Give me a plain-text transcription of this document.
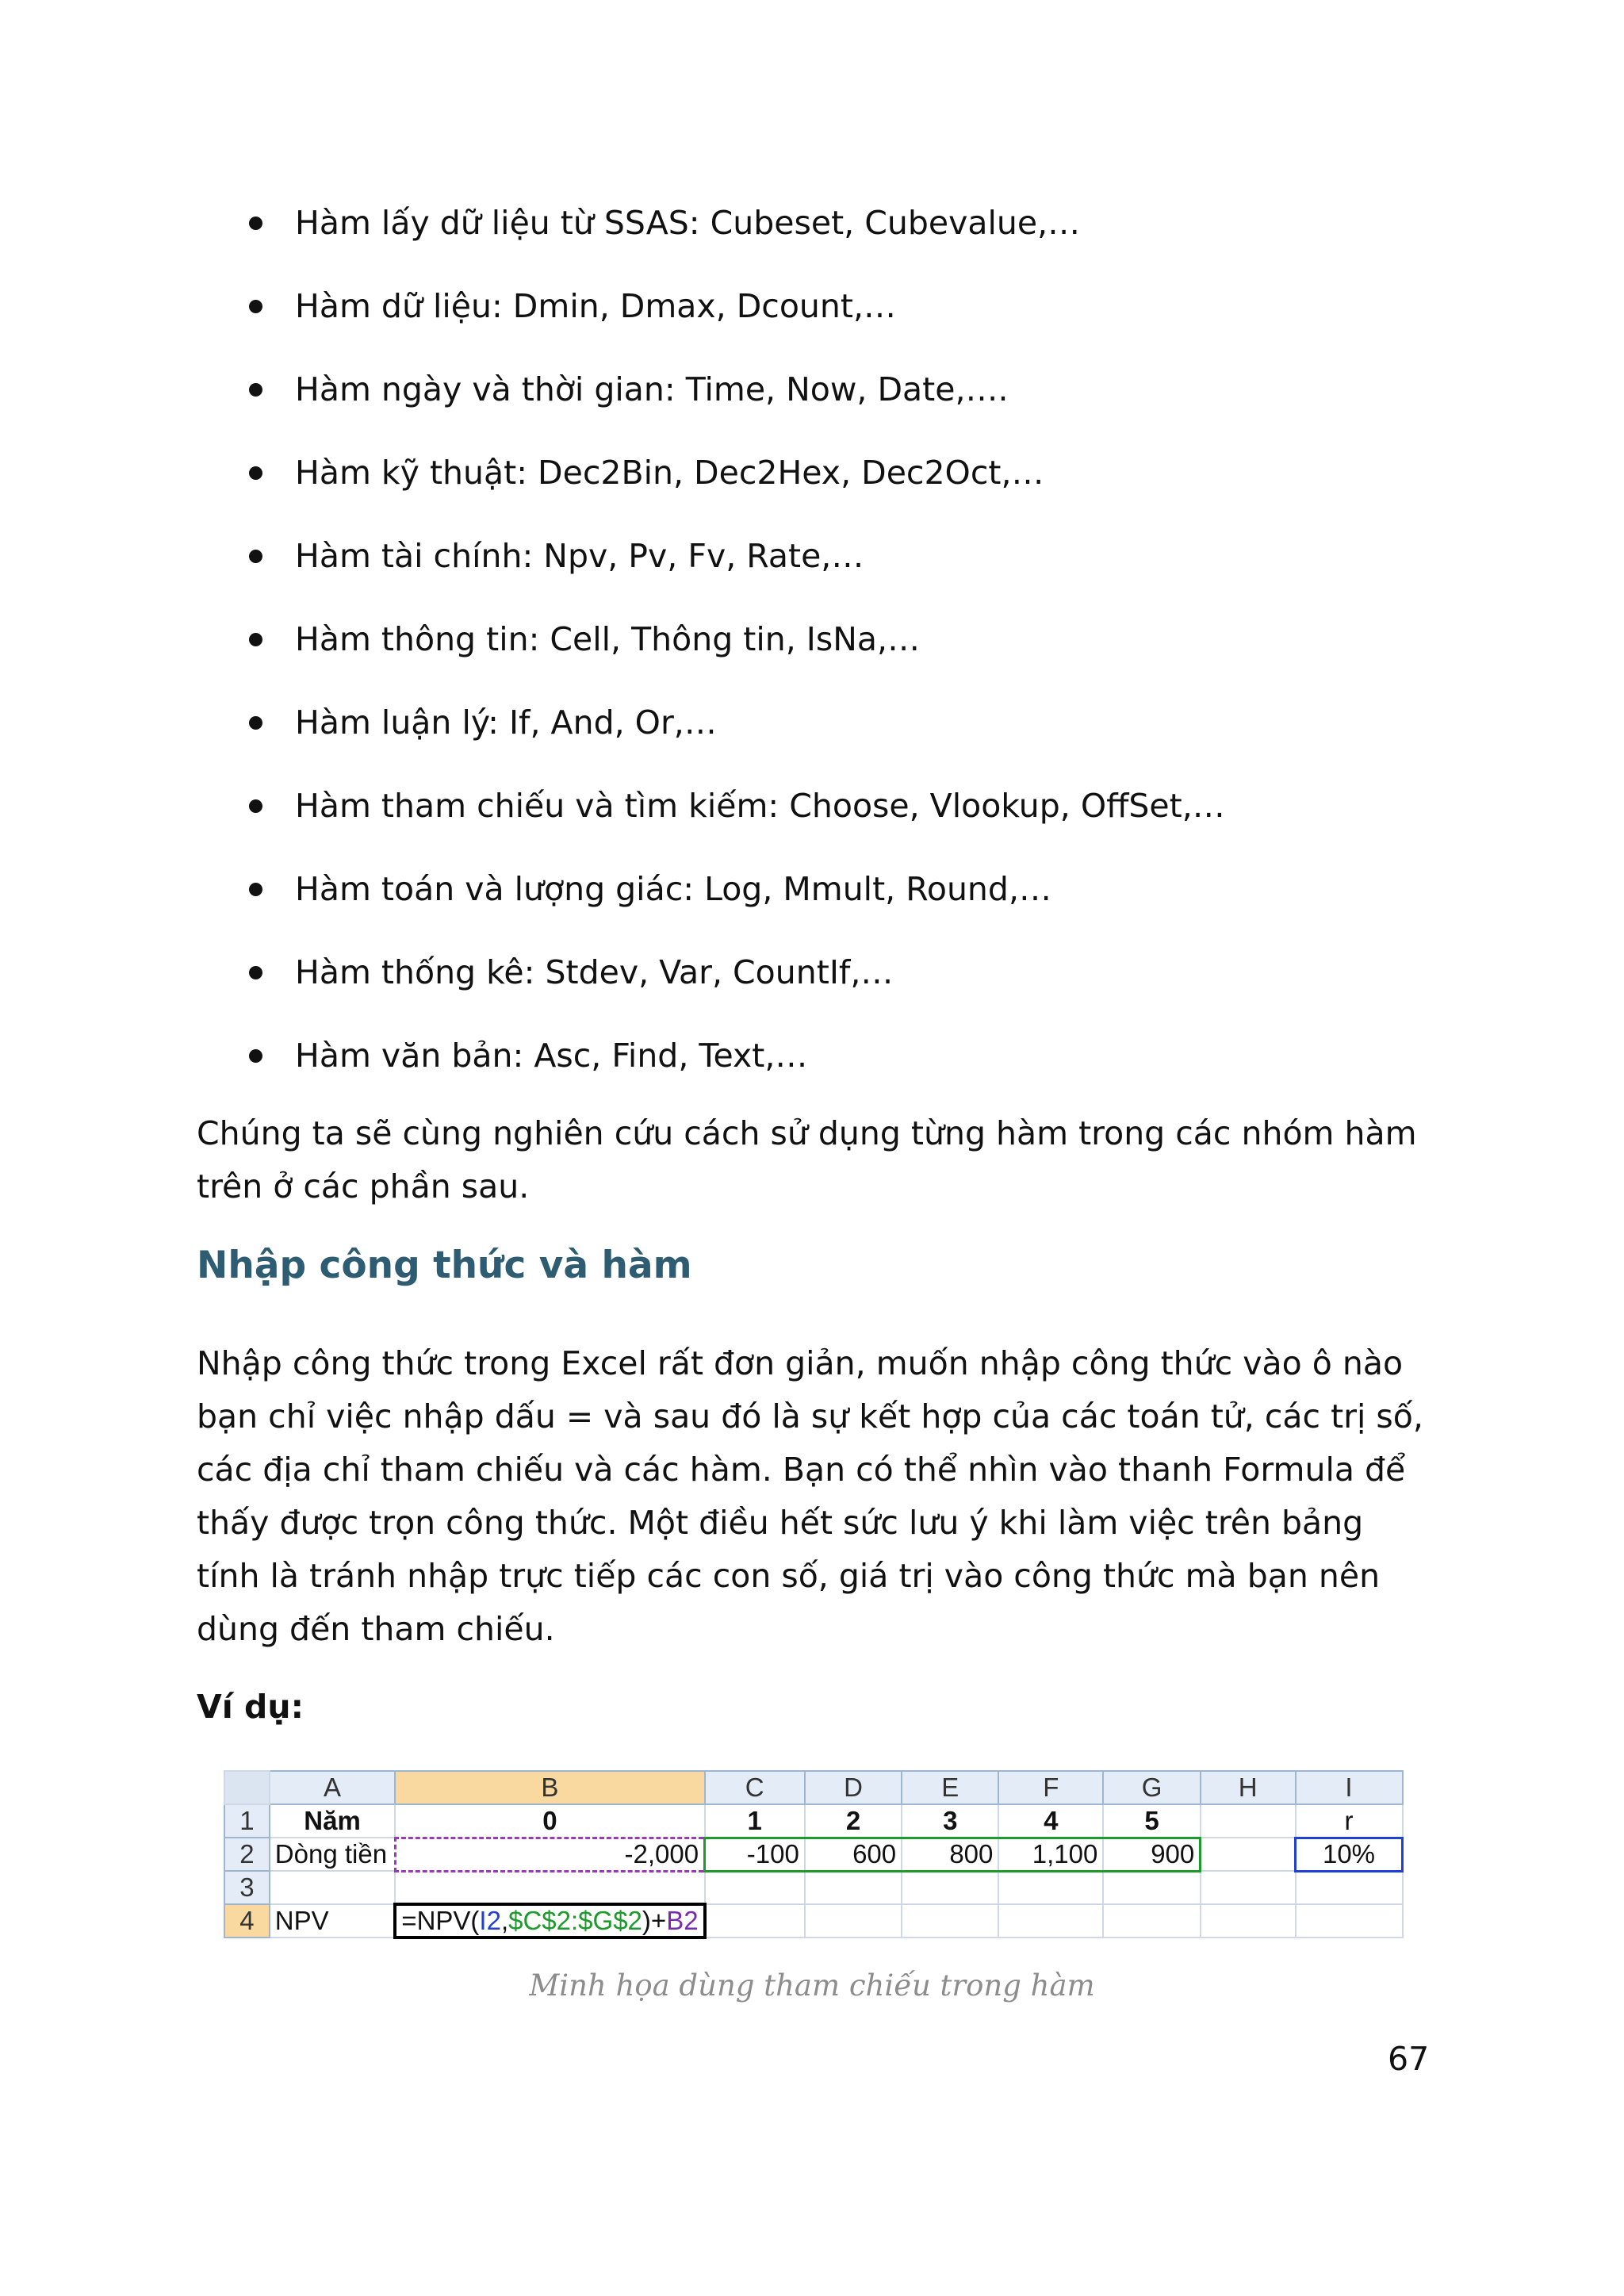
Hàm lấy dữ liệu từ SSAS: Cubeset, Cubevalue,…
Hàm dữ liệu: Dmin, Dmax, Dcount,…
Hàm ngày và thời gian: Time, Now, Date,….
Hàm kỹ thuật: Dec2Bin, Dec2Hex, Dec2Oct,…
Hàm tài chính: Npv, Pv, Fv, Rate,…
Hàm thông tin: Cell, Thông tin, IsNa,…
Hàm luận lý: If, And, Or,…
Hàm tham chiếu và tìm kiếm: Choose, Vlookup, OffSet,…
Hàm toán và lượng giác: Log, Mmult, Round,…
Hàm thống kê: Stdev, Var, CountIf,…
Hàm văn bản: Asc, Find, Text,…

Chúng ta sẽ cùng nghiên cứu cách sử dụng từng hàm trong các nhóm hàm trên ở các phần sau.

Nhập công thức và hàm

Nhập công thức trong Excel rất đơn giản, muốn nhập công thức vào ô nào bạn chỉ việc nhập dấu = và sau đó là sự kết hợp của các toán tử, các trị số, các địa chỉ tham chiếu và các hàm. Bạn có thể nhìn vào thanh Formula để thấy được trọn công thức. Một điều hết sức lưu ý khi làm việc trên bảng tính là tránh nhập trực tiếp các con số, giá trị vào công thức mà bạn nên dùng đến tham chiếu.

Ví dụ:

	A	B	C	D	E	F	G	H	I
1	Năm	0	1	2	3	4	5		r
2	Dòng tiền	-2,000	-100	600	800	1,100	900		10%
3									
4	NPV	=NPV(I2,$C$2:$G$2)+B2							

Minh họa dùng tham chiếu trong hàm

67
